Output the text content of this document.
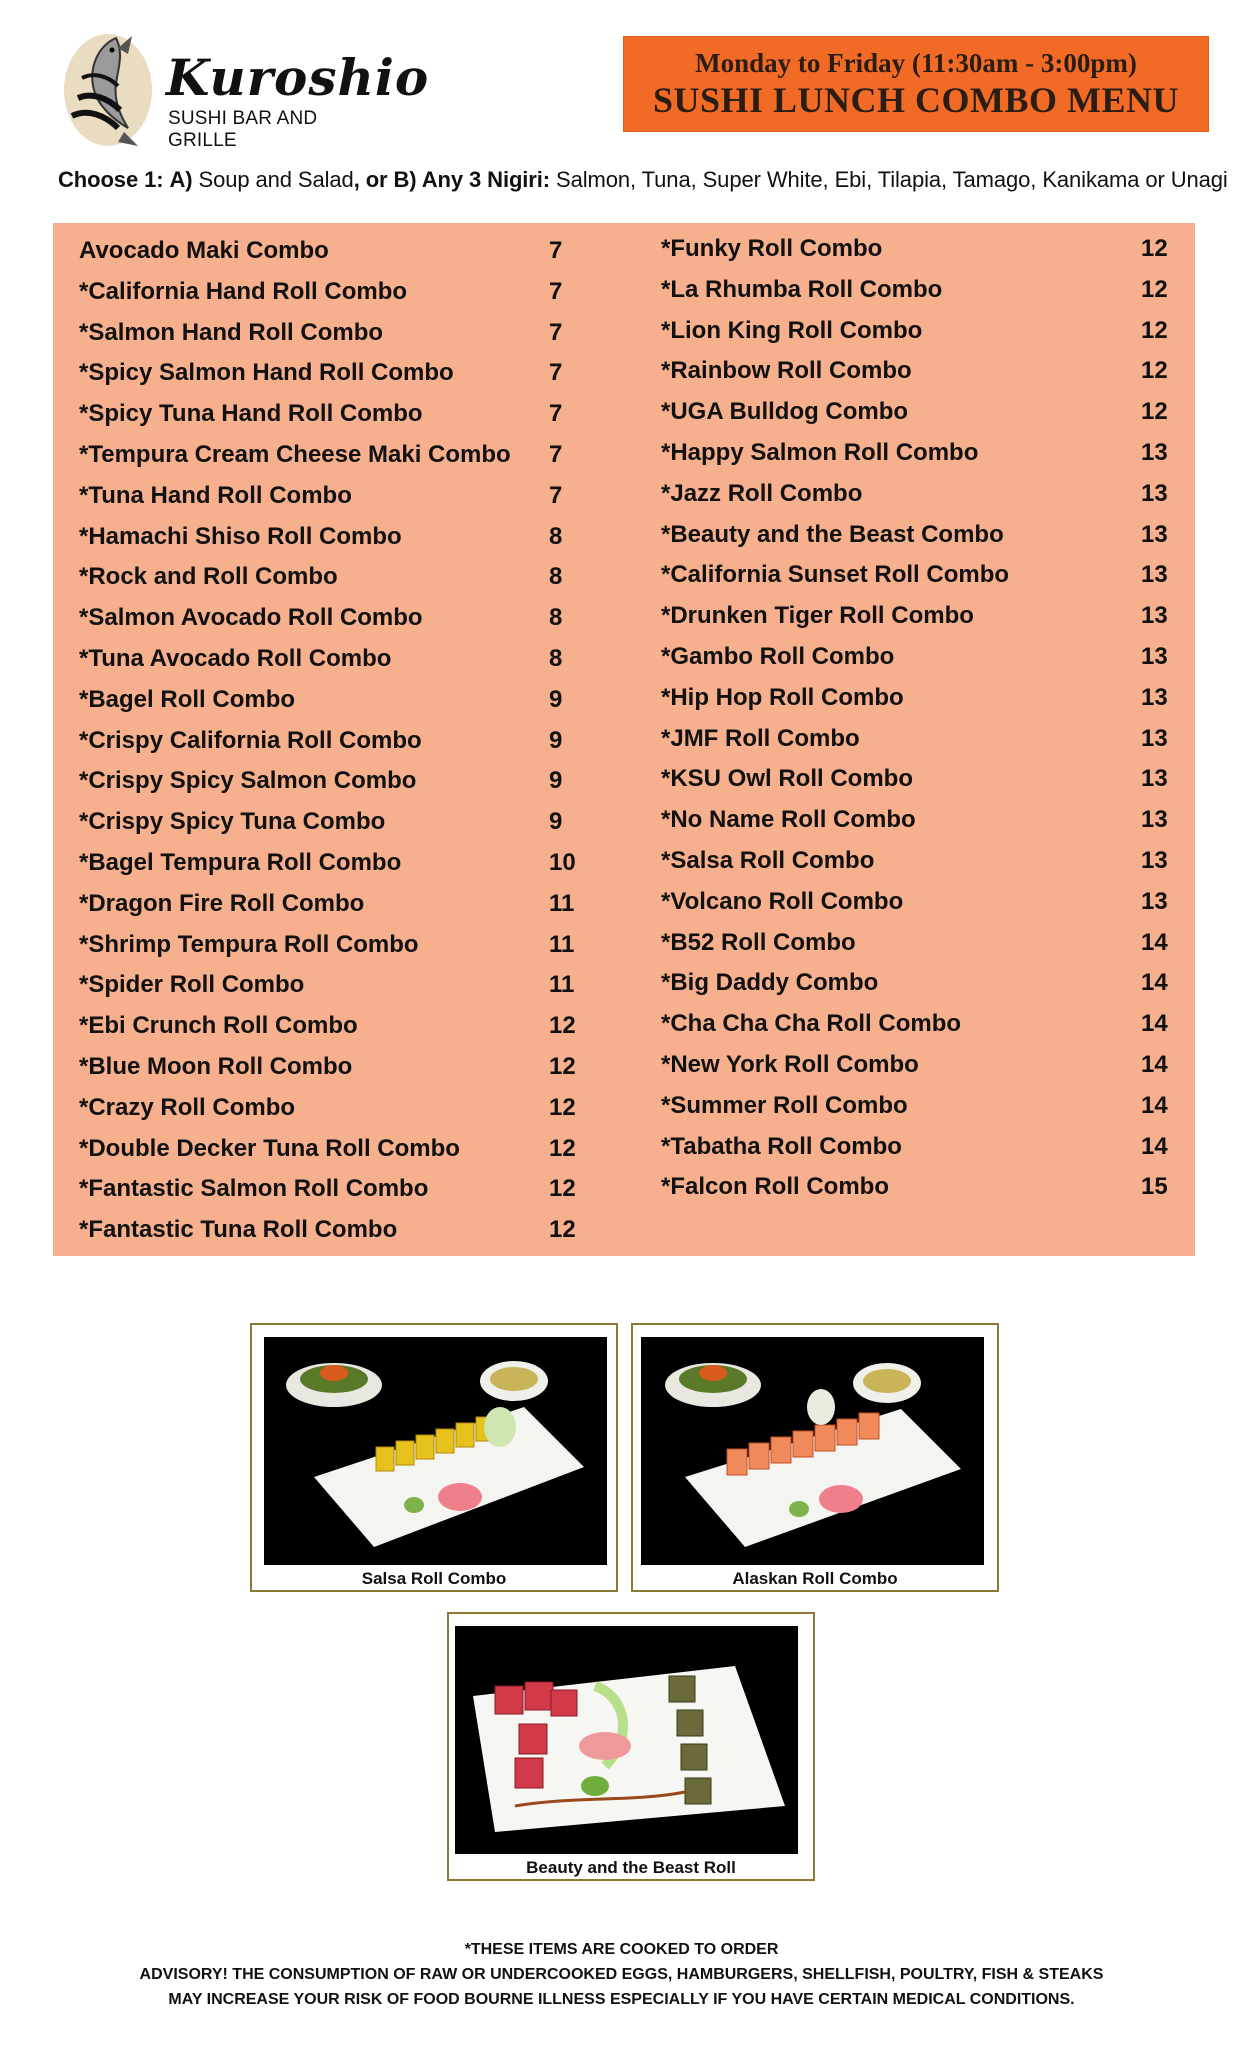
Kuroshio
SUSHI BAR AND GRILLE
Monday to Friday (11:30am - 3:00pm)
SUSHI LUNCH COMBO MENU
Choose 1: A) Soup and Salad, or B) Any 3 Nigiri: Salmon, Tuna, Super White, Ebi, Tilapia, Tamago, Kanikama or Unagi
Avocado Maki Combo	7
*California Hand Roll Combo	7
*Salmon Hand Roll Combo	7
*Spicy Salmon Hand Roll Combo	7
*Spicy Tuna Hand Roll Combo	7
*Tempura Cream Cheese Maki Combo 7
*Tuna Hand Roll Combo	7
*Hamachi Shiso Roll Combo	8
*Rock and Roll Combo	8
*Salmon Avocado Roll Combo	8
*Tuna Avocado Roll Combo	8
*Bagel Roll Combo	9
*Crispy California Roll Combo	9
*Crispy Spicy Salmon Combo	9
*Crispy Spicy Tuna Combo	9
*Bagel Tempura Roll Combo	10
*Dragon Fire Roll Combo	11
*Shrimp Tempura Roll Combo	11
*Spider Roll Combo	11
*Ebi Crunch Roll Combo	12
*Blue Moon Roll Combo	12
*Crazy Roll Combo	12
*Double Decker Tuna Roll Combo	12
*Fantastic Salmon Roll Combo	12
*Fantastic Tuna Roll Combo	12
*Funky Roll Combo	12
*La Rhumba Roll Combo	12
*Lion King Roll Combo	12
*Rainbow Roll Combo	12
*UGA Bulldog Combo	12
*Happy Salmon Roll Combo	13
*Jazz Roll Combo	13
*Beauty and the Beast Combo	13
*California Sunset Roll Combo	13
*Drunken Tiger Roll Combo	13
*Gambo Roll Combo	13
*Hip Hop Roll Combo	13
*JMF Roll Combo	13
*KSU Owl Roll Combo	13
*No Name Roll Combo	13
*Salsa Roll Combo	13
*Volcano Roll Combo	13
*B52 Roll Combo	14
*Big Daddy Combo	14
*Cha Cha Cha Roll Combo	14
*New York Roll Combo	14
*Summer Roll Combo	14
*Tabatha Roll Combo	14
*Falcon Roll Combo	15
Salsa Roll Combo	Alaskan Roll Combo
Beauty and the Beast Roll
*THESE ITEMS ARE COOKED TO ORDER
ADVISORY! THE CONSUMPTION OF RAW OR UNDERCOOKED EGGS, HAMBURGERS, SHELLFISH, POULTRY, FISH & STEAKS
MAY INCREASE YOUR RISK OF FOOD BOURNE ILLNESS ESPECIALLY IF YOU HAVE CERTAIN MEDICAL CONDITIONS.
